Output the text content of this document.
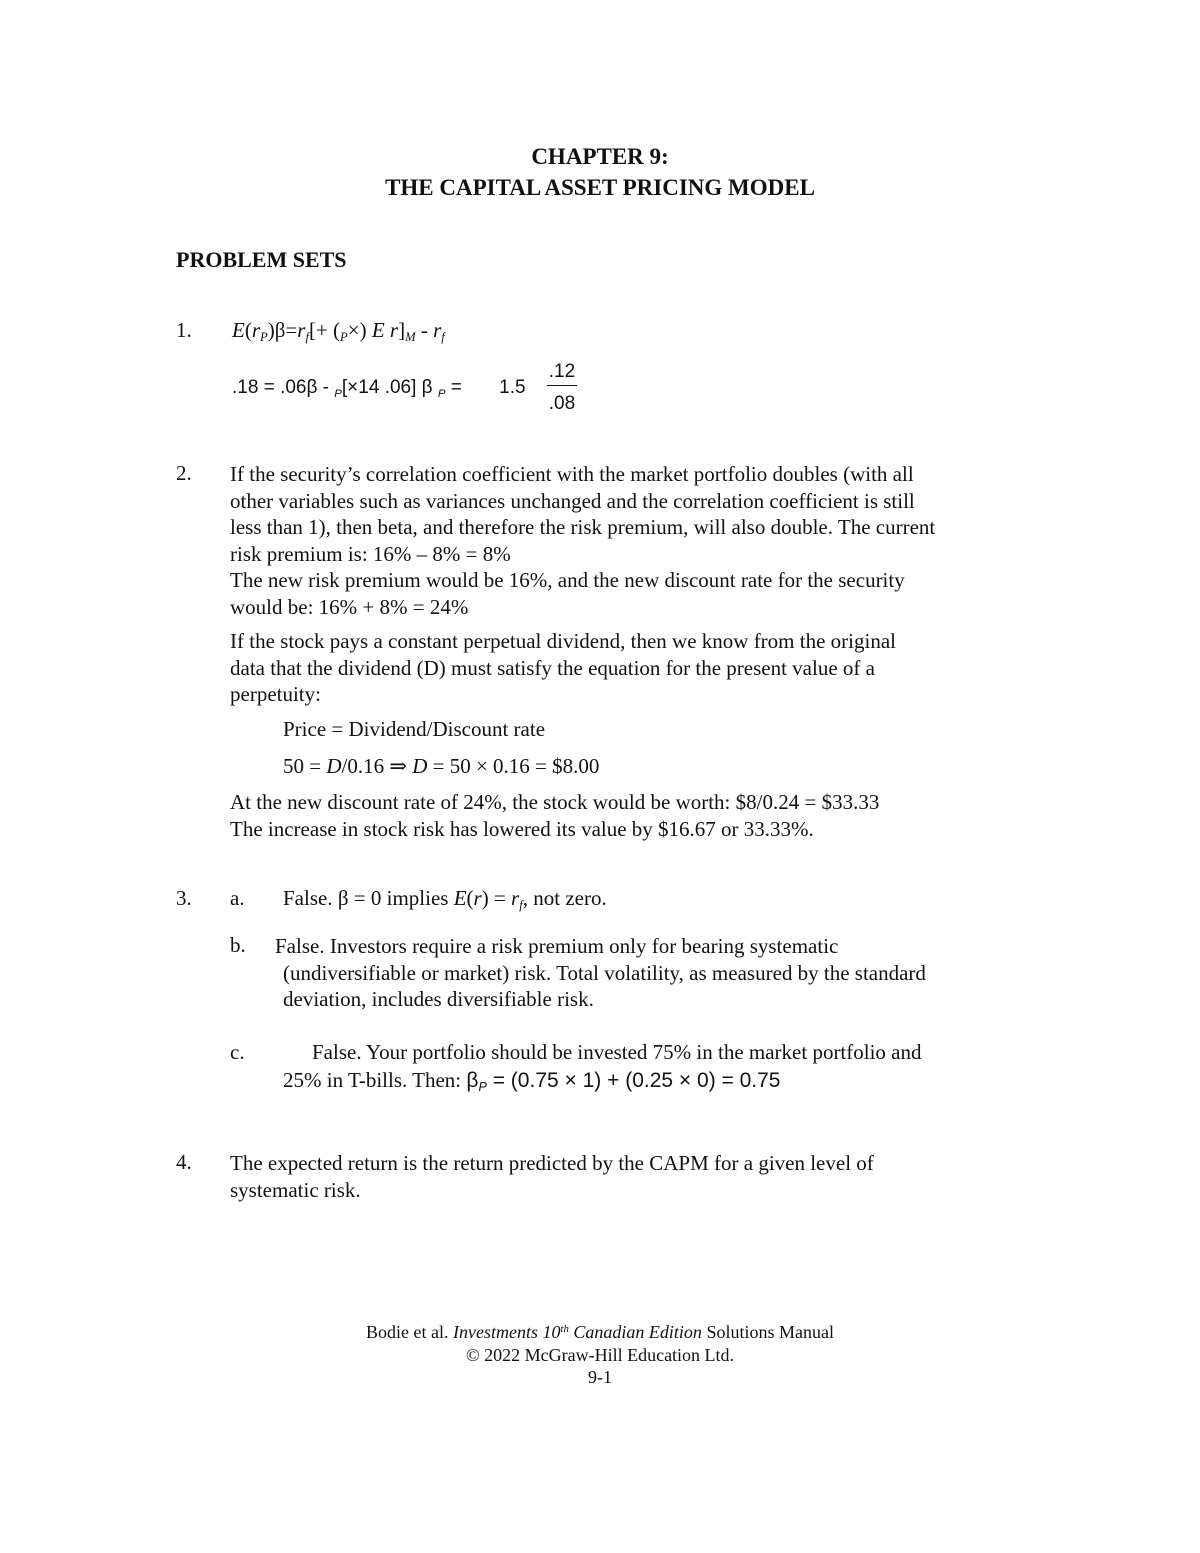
CHAPTER 9:
THE CAPITAL ASSET PRICING MODEL
PROBLEM SETS
1. $E(r_P)\beta=r_f[+ (_P\times)$ E $r]_M - r_f$
.18 = .06β - $_P$[×14 .06] β $_P$ = 1.5
.12
.08
2. If the security’s correlation coefficient with the market portfolio doubles (with all
other variables such as variances unchanged and the correlation coefficient is still
less than 1), then beta, and therefore the risk premium, will also double. The current
risk premium is: 16% – 8% = 8%
The new risk premium would be 16%, and the new discount rate for the security
would be: 16% + 8% = 24%
If the stock pays a constant perpetual dividend, then we know from the original
data that the dividend (D) must satisfy the equation for the present value of a
perpetuity:
Price = Dividend/Discount rate
50 = D/0.16 ⇒ D = 50 × 0.16 = $8.00
At the new discount rate of 24%, the stock would be worth: $8/0.24 = $33.33
The increase in stock risk has lowered its value by $16.67 or 33.33%.
3. a. False. β = 0 implies $E(r) = r_f$, not zero.
b. False. Investors require a risk premium only for bearing systematic
(undiversifiable or market) risk. Total volatility, as measured by the standard
deviation, includes diversifiable risk.
c.	False. Your portfolio should be invested 75% in the market portfolio and
25% in T-bills. Then: $\beta_P = (0.75 \times 1) + (0.25 \times 0) = 0.75$
4. The expected return is the return predicted by the CAPM for a given level of
systematic risk.
Bodie et al. Investments 10th Canadian Edition Solutions Manual
© 2022 McGraw-Hill Education Ltd.
9-1
